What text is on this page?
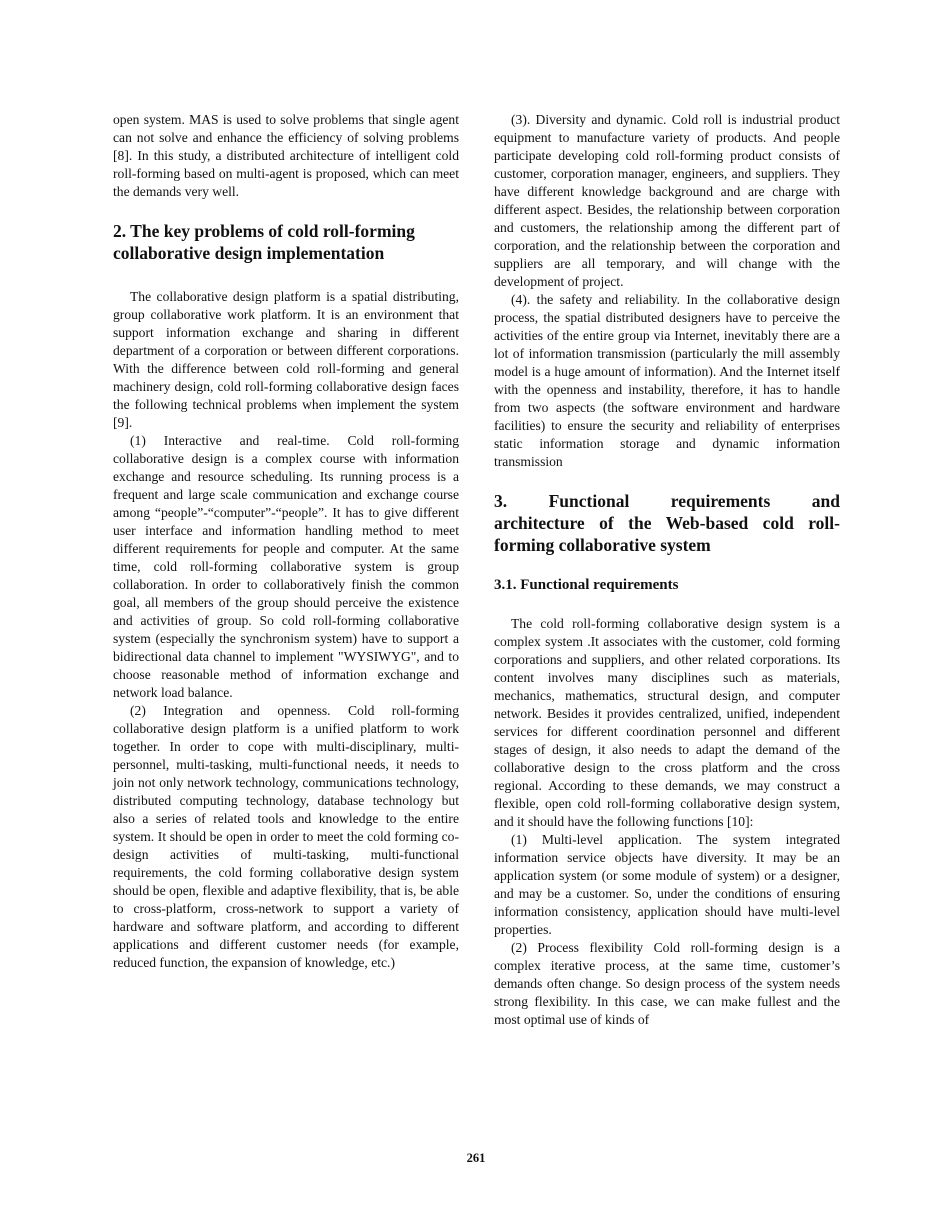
open system. MAS is used to solve problems that single agent can not solve and enhance the efficiency of solving problems [8]. In this study, a distributed architecture of intelligent cold roll-forming based on multi-agent is proposed, which can meet the demands very well.

2. The key problems of cold roll-forming collaborative design implementation

The collaborative design platform is a spatial distributing, group collaborative work platform. It is an environment that support information exchange and sharing in different department of a corporation or between different corporations. With the difference between cold roll-forming and general machinery design, cold roll-forming collaborative design faces the following technical problems when implement the system [9].

(1) Interactive and real-time. Cold roll-forming collaborative design is a complex course with information exchange and resource scheduling. Its running process is a frequent and large scale communication and exchange course among “people”-“computer”-“people”. It has to give different user interface and information handling method to meet different requirements for people and computer. At the same time, cold roll-forming collaborative system is group collaboration. In order to collaboratively finish the common goal, all members of the group should perceive the existence and activities of group. So cold roll-forming collaborative system (especially the synchronism system) have to support a bidirectional data channel to implement "WYSIWYG", and to choose reasonable method of information exchange and network load balance.

(2) Integration and openness. Cold roll-forming collaborative design platform is a unified platform to work together. In order to cope with multi-disciplinary, multi-personnel, multi-tasking, multi-functional needs, it needs to join not only network technology, communications technology, distributed computing technology, database technology but also a series of related tools and knowledge to the entire system. It should be open in order to meet the cold forming co-design activities of multi-tasking, multi-functional requirements, the cold forming collaborative design system should be open, flexible and adaptive flexibility, that is, be able to cross-platform, cross-network to support a variety of hardware and software platform, and according to different applications and different customer needs (for example, reduced function, the expansion of knowledge, etc.)

(3). Diversity and dynamic. Cold roll is industrial product equipment to manufacture variety of products. And people participate developing cold roll-forming product consists of customer, corporation manager, engineers, and suppliers. They have different knowledge background and are charge with different aspect. Besides, the relationship between corporation and customers, the relationship among the different part of corporation, and the relationship between the corporation and suppliers are all temporary, and will change with the development of project.

(4). the safety and reliability. In the collaborative design process, the spatial distributed designers have to perceive the activities of the entire group via Internet, inevitably there are a lot of information transmission (particularly the mill assembly model is a huge amount of information). And the Internet itself with the openness and instability, therefore, it has to handle from two aspects (the software environment and hardware facilities) to ensure the security and reliability of enterprises static information storage and dynamic information transmission

3. Functional requirements and
architecture of the Web-based cold roll-
forming collaborative system
3.1. Functional requirements

The cold roll-forming collaborative design system is a complex system .It associates with the customer, cold forming corporations and suppliers, and other related corporations. Its content involves many disciplines such as materials, mechanics, mathematics, structural design, and computer network. Besides it provides centralized, unified, independent services for different coordination personnel and different stages of design, it also needs to adapt the demand of the collaborative design to the cross platform and the cross regional. According to these demands, we may construct a flexible, open cold roll-forming collaborative design system, and it should have the following functions [10]:

(1) Multi-level application. The system integrated information service objects have diversity. It may be an application system (or some module of system) or a designer, and may be a customer. So, under the conditions of ensuring information consistency, application should have multi-level properties.

(2) Process flexibility Cold roll-forming design is a complex iterative process, at the same time, customer’s demands often change. So design process of the system needs strong flexibility. In this case, we can make fullest and the most optimal use of kinds of

261
